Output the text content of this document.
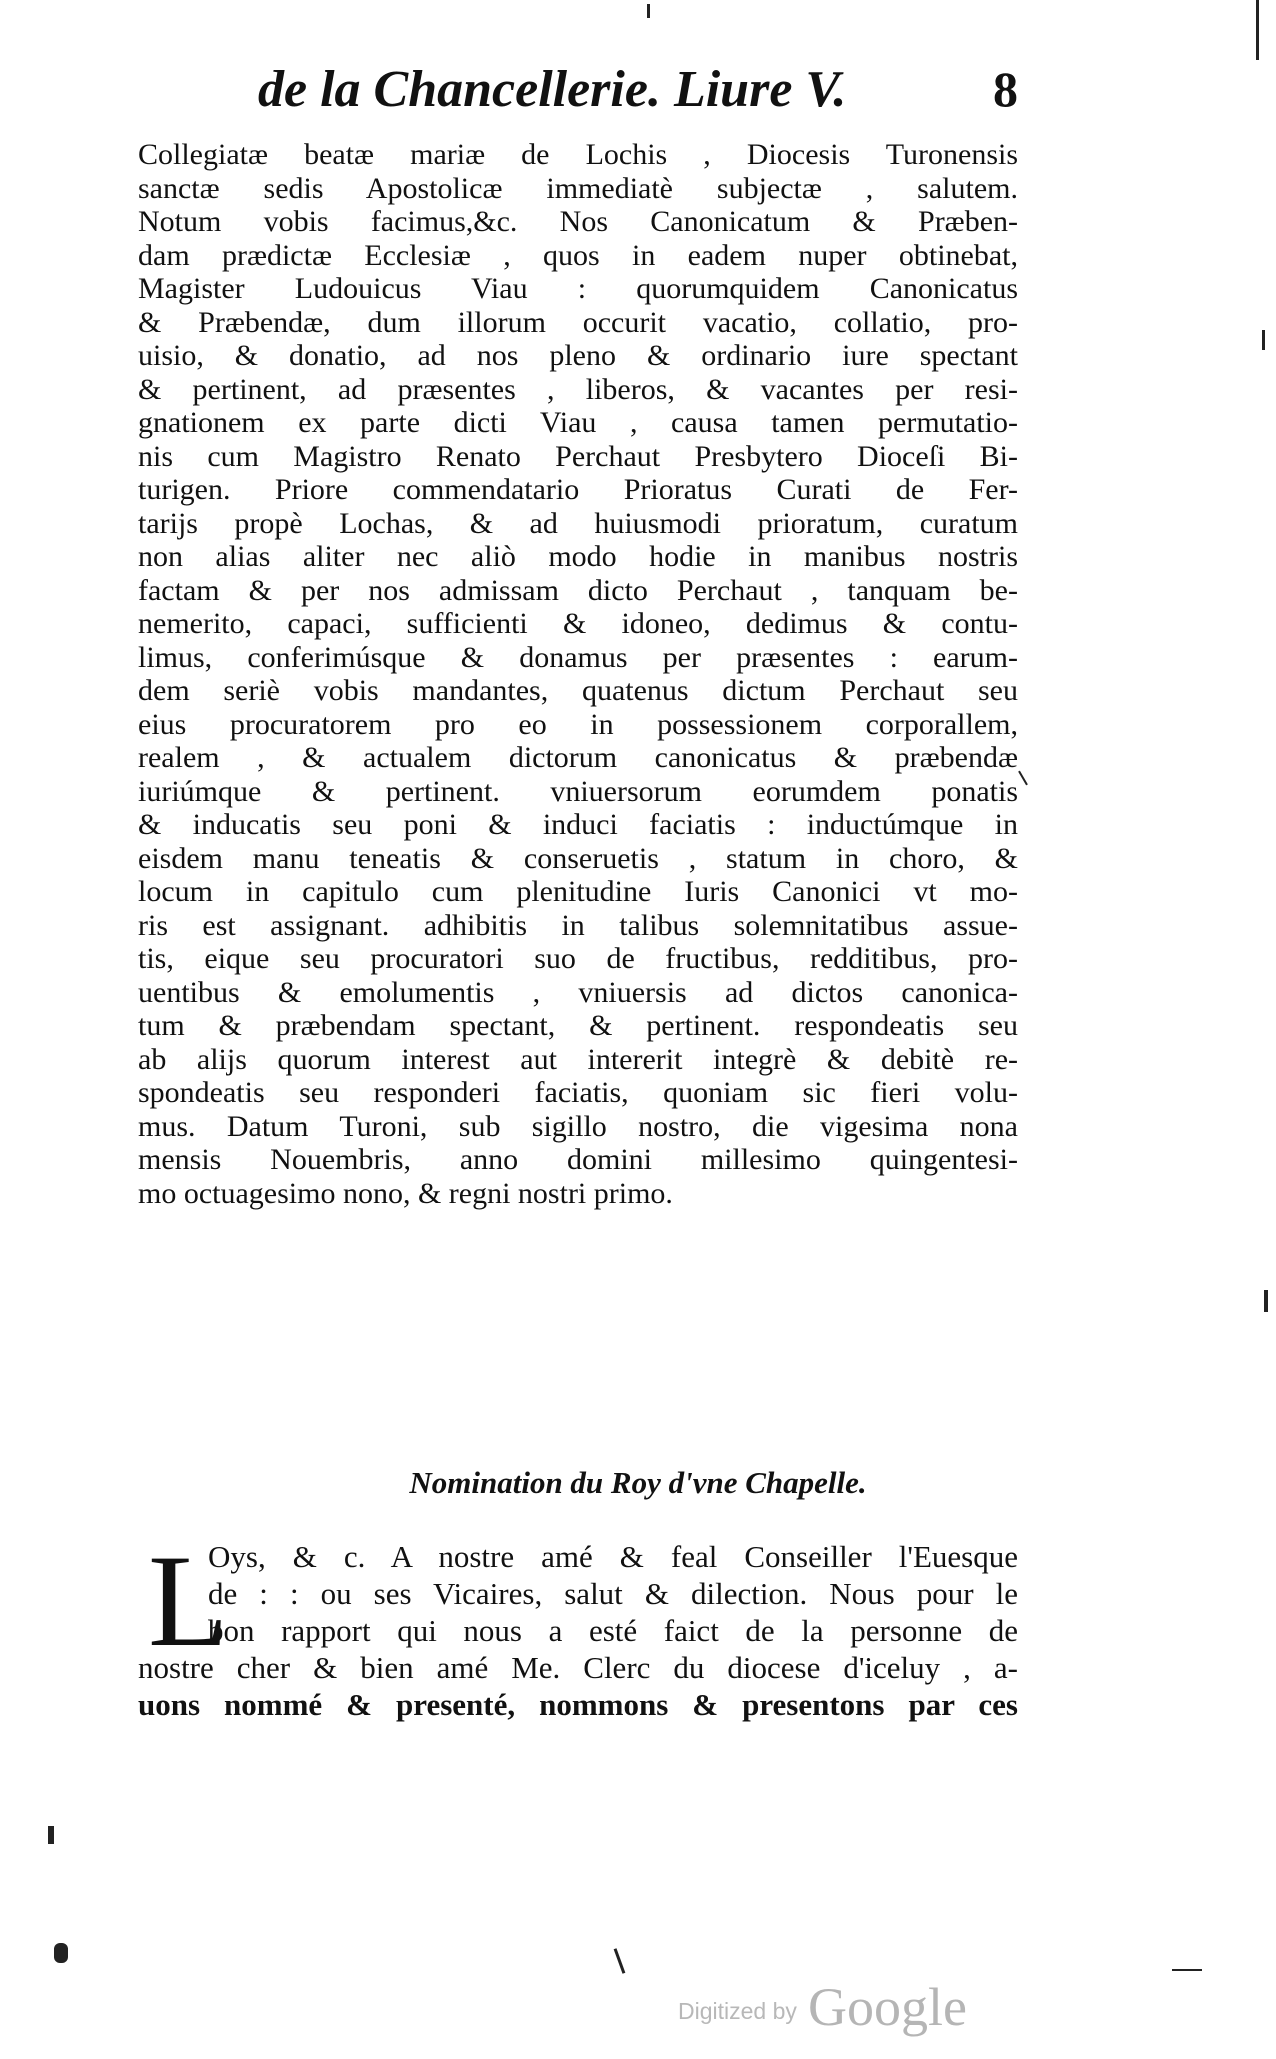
de la Chancellerie. Liure V.	8
Collegiatæ beatæ mariæ de Lochis , Diocesis Turonensis
sanctæ sedis Apostolicæ immediatè subjectæ , salutem.
Notum vobis facimus,&c. Nos Canonicatum & Præben-
dam prædictæ Ecclesiæ , quos in eadem nuper obtinebat,
Magister Ludouicus Viau : quorumquidem Canonicatus
& Præbendæ, dum illorum occurit vacatio, collatio, pro-
uisio, & donatio, ad nos pleno & ordinario iure spectant
& pertinent, ad præsentes , liberos, & vacantes per resi-
gnationem ex parte dicti Viau , causa tamen permutatio-
nis cum Magistro Renato Perchaut Presbytero Dioceſi Bi-
turigen. Priore commendatario Prioratus Curati de Fer-
tarijs propè Lochas, & ad huiusmodi prioratum, curatum
non alias aliter nec aliò modo hodie in manibus nostris
factam & per nos admissam dicto Perchaut , tanquam be-
nemerito, capaci, sufficienti & idoneo, dedimus & contu-
limus, conferimúsque & donamus per præsentes : earum-
dem seriè vobis mandantes, quatenus dictum Perchaut seu
eius procuratorem pro eo in possessionem corporallem,
realem , & actualem dictorum canonicatus & præbendæ
iuriúmque & pertinent. vniuersorum eorumdem ponatis
& inducatis seu poni & induci faciatis : inductúmque in
eisdem manu teneatis & conseruetis , statum in choro, &
locum in capitulo cum plenitudine Iuris Canonici vt mo-
ris est assignant. adhibitis in talibus solemnitatibus assue-
tis, eique seu procuratori suo de fructibus, redditibus, pro-
uentibus & emolumentis , vniuersis ad dictos canonica-
tum & præbendam spectant, & pertinent. respondeatis seu
ab alijs quorum interest aut intererit integrè & debitè re-
spondeatis seu responderi faciatis, quoniam sic fieri volu-
mus. Datum Turoni, sub sigillo nostro, die vigesima nona
mensis Nouembris, anno domini millesimo quingentesi-
mo octuagesimo nono, & regni nostri primo.
Nomination du Roy d'vne Chapelle.
L
Oys, & c. A nostre amé & feal Conseiller l'Euesque
de : : ou ses Vicaires, salut & dilection. Nous pour le
bon rapport qui nous a esté faict de la personne de
nostre cher & bien amé Me. Clerc du diocese d'iceluy , a-
uons nommé & presenté, nommons & presentons par ces
Digitized by Google
